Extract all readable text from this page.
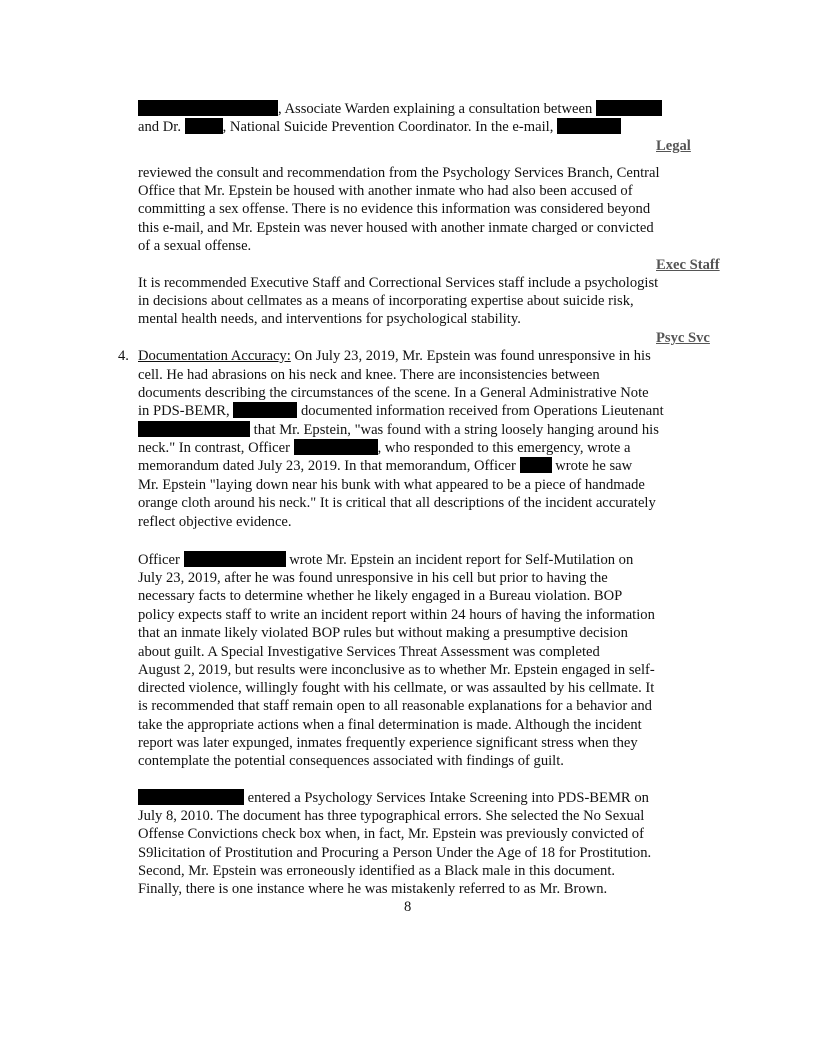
, Associate Warden explaining a consultation between
and Dr.	, National Suicide Prevention Coordinator. In the e-mail,
Legal
reviewed the consult and recommendation from the Psychology Services Branch, Central
Office that Mr. Epstein be housed with another inmate who had also been accused of
committing a sex offense. There is no evidence this information was considered beyond
this e-mail, and Mr. Epstein was never housed with another inmate charged or convicted
of a sexual offense.
Exec Staff
It is recommended Executive Staff and Correctional Services staff include a psychologist
in decisions about cellmates as a means of incorporating expertise about suicide risk,
mental health needs, and interventions for psychological stability.
Psyc Svc
4. Documentation Accuracy: On July 23, 2019, Mr. Epstein was found unresponsive in his
cell. He had abrasions on his neck and knee. There are inconsistencies between
documents describing the circumstances of the scene. In a General Administrative Note
in PDS-BEMR,	documented information received from Operations Lieutenant
that Mr. Epstein, "was found with a string loosely hanging around his
neck." In contrast, Officer	, who responded to this emergency, wrote a
memorandum dated July 23, 2019. In that memorandum, Officer	wrote he saw
Mr. Epstein "laying down near his bunk with what appeared to be a piece of handmade
orange cloth around his neck." It is critical that all descriptions of the incident accurately
reflect objective evidence.
Officer	wrote Mr. Epstein an incident report for Self-Mutilation on
July 23, 2019, after he was found unresponsive in his cell but prior to having the
necessary facts to determine whether he likely engaged in a Bureau violation. BOP
policy expects staff to write an incident report within 24 hours of having the information
that an inmate likely violated BOP rules but without making a presumptive decision
about guilt. A Special Investigative Services Threat Assessment was completed
August 2, 2019, but results were inconclusive as to whether Mr. Epstein engaged in self-
directed violence, willingly fought with his cellmate, or was assaulted by his cellmate. It
is recommended that staff remain open to all reasonable explanations for a behavior and
take the appropriate actions when a final determination is made. Although the incident
report was later expunged, inmates frequently experience significant stress when they
contemplate the potential consequences associated with findings of guilt.
entered a Psychology Services Intake Screening into PDS-BEMR on
July 8, 2010. The document has three typographical errors. She selected the No Sexual
Offense Convictions check box when, in fact, Mr. Epstein was previously convicted of
S9licitation of Prostitution and Procuring a Person Under the Age of 18 for Prostitution.
Second, Mr. Epstein was erroneously identified as a Black male in this document.
Finally, there is one instance where he was mistakenly referred to as Mr. Brown.
8
